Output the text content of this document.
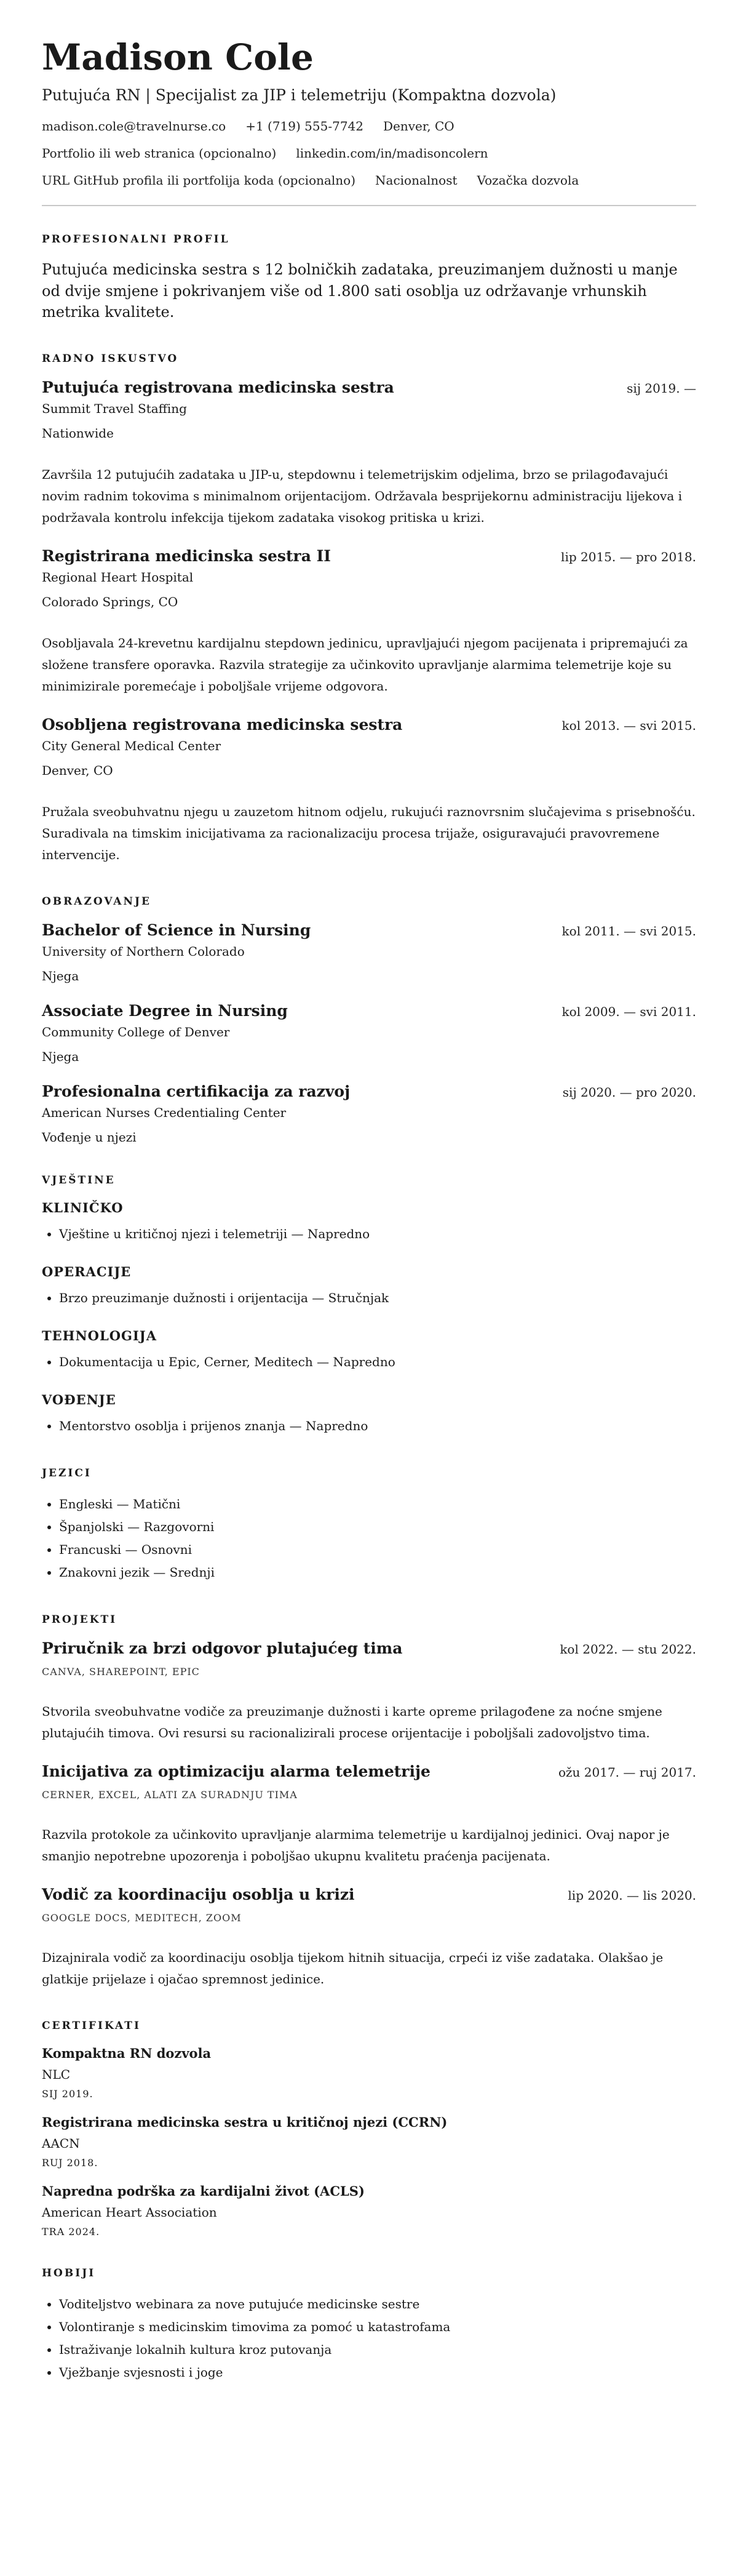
Madison Cole
Putujuća RN | Specijalist za JIP i telemetriju (Kompaktna dozvola)
madison.cole@travelnurse.co +1 (719) 555-7742 Denver, CO
Portfolio ili web stranica (opcionalno) linkedin.com/in/madisoncolern
URL GitHub profila ili portfolija koda (opcionalno) Nacionalnost Vozačka dozvola
PROFESIONALNI PROFIL

Putujuća medicinska sestra s 12 bolničkih zadataka, preuzimanjem dužnosti u manje od dvije smjene i pokrivanjem više od 1.800 sati osoblja uz održavanje vrhunskih metrika kvalitete.

RADNO ISKUSTVO
Putujuća registrovana medicinska sestra	sij 2019. —
Summit Travel Staffing
Nationwide
Završila 12 putujućih zadataka u JIP-u, stepdownu i telemetrijskim odjelima, brzo se prilagođavajući novim radnim tokovima s minimalnom orijentacijom. Održavala besprijekornu administraciju lijekova i podržavala kontrolu infekcija tijekom zadataka visokog pritiska u krizi.
Registrirana medicinska sestra II	lip 2015. — pro 2018.
Regional Heart Hospital
Colorado Springs, CO
Osobljavala 24-krevetnu kardijalnu stepdown jedinicu, upravljajući njegom pacijenata i pripremajući za složene transfere oporavka. Razvila strategije za učinkovito upravljanje alarmima telemetrije koje su minimizirale poremećaje i poboljšale vrijeme odgovora.
Osobljena registrovana medicinska sestra	kol 2013. — svi 2015.
City General Medical Center
Denver, CO
Pružala sveobuhvatnu njegu u zauzetom hitnom odjelu, rukujući raznovrsnim slučajevima s prisebnošću. Suradivala na timskim inicijativama za racionalizaciju procesa trijaže, osiguravajući pravovremene intervencije.
OBRAZOVANJE
Bachelor of Science in Nursing	kol 2011. — svi 2015.
University of Northern Colorado
Njega
Associate Degree in Nursing	kol 2009. — svi 2011.
Community College of Denver
Njega
Profesionalna certifikacija za razvoj	sij 2020. — pro 2020.
American Nurses Credentialing Center
Vođenje u njezi
VJEŠTINE
KLINIČKO
• Vještine u kritičnoj njezi i telemetriji — Napredno
OPERACIJE
• Brzo preuzimanje dužnosti i orijentacija — Stručnjak
TEHNOLOGIJA
• Dokumentacija u Epic, Cerner, Meditech — Napredno
VOĐENJE
• Mentorstvo osoblja i prijenos znanja — Napredno
JEZICI
• Engleski — Matični
• Španjolski — Razgovorni
• Francuski — Osnovni
• Znakovni jezik — Srednji
PROJEKTI
Priručnik za brzi odgovor plutajućeg tima	kol 2022. — stu 2022.
CANVA, SHAREPOINT, EPIC
Stvorila sveobuhvatne vodiče za preuzimanje dužnosti i karte opreme prilagođene za noćne smjene plutajućih timova. Ovi resursi su racionalizirali procese orijentacije i poboljšali zadovoljstvo tima.
Inicijativa za optimizaciju alarma telemetrije	ožu 2017. — ruj 2017.
CERNER, EXCEL, ALATI ZA SURADNJU TIMA
Razvila protokole za učinkovito upravljanje alarmima telemetrije u kardijalnoj jedinici. Ovaj napor je smanjio nepotrebne upozorenja i poboljšao ukupnu kvalitetu praćenja pacijenata.
Vodič za koordinaciju osoblja u krizi	lip 2020. — lis 2020.
GOOGLE DOCS, MEDITECH, ZOOM
Dizajnirala vodič za koordinaciju osoblja tijekom hitnih situacija, crpeći iz više zadataka. Olakšao je glatkije prijelaze i ojačao spremnost jedinice.
CERTIFIKATI
Kompaktna RN dozvola
NLC
SIJ 2019.
Registrirana medicinska sestra u kritičnoj njezi (CCRN)
AACN
RUJ 2018.
Napredna podrška za kardijalni život (ACLS)
American Heart Association
TRA 2024.
HOBIJI
• Voditeljstvo webinara za nove putujuće medicinske sestre
• Volontiranje s medicinskim timovima za pomoć u katastrofama
• Istraživanje lokalnih kultura kroz putovanja
• Vježbanje svjesnosti i joge
